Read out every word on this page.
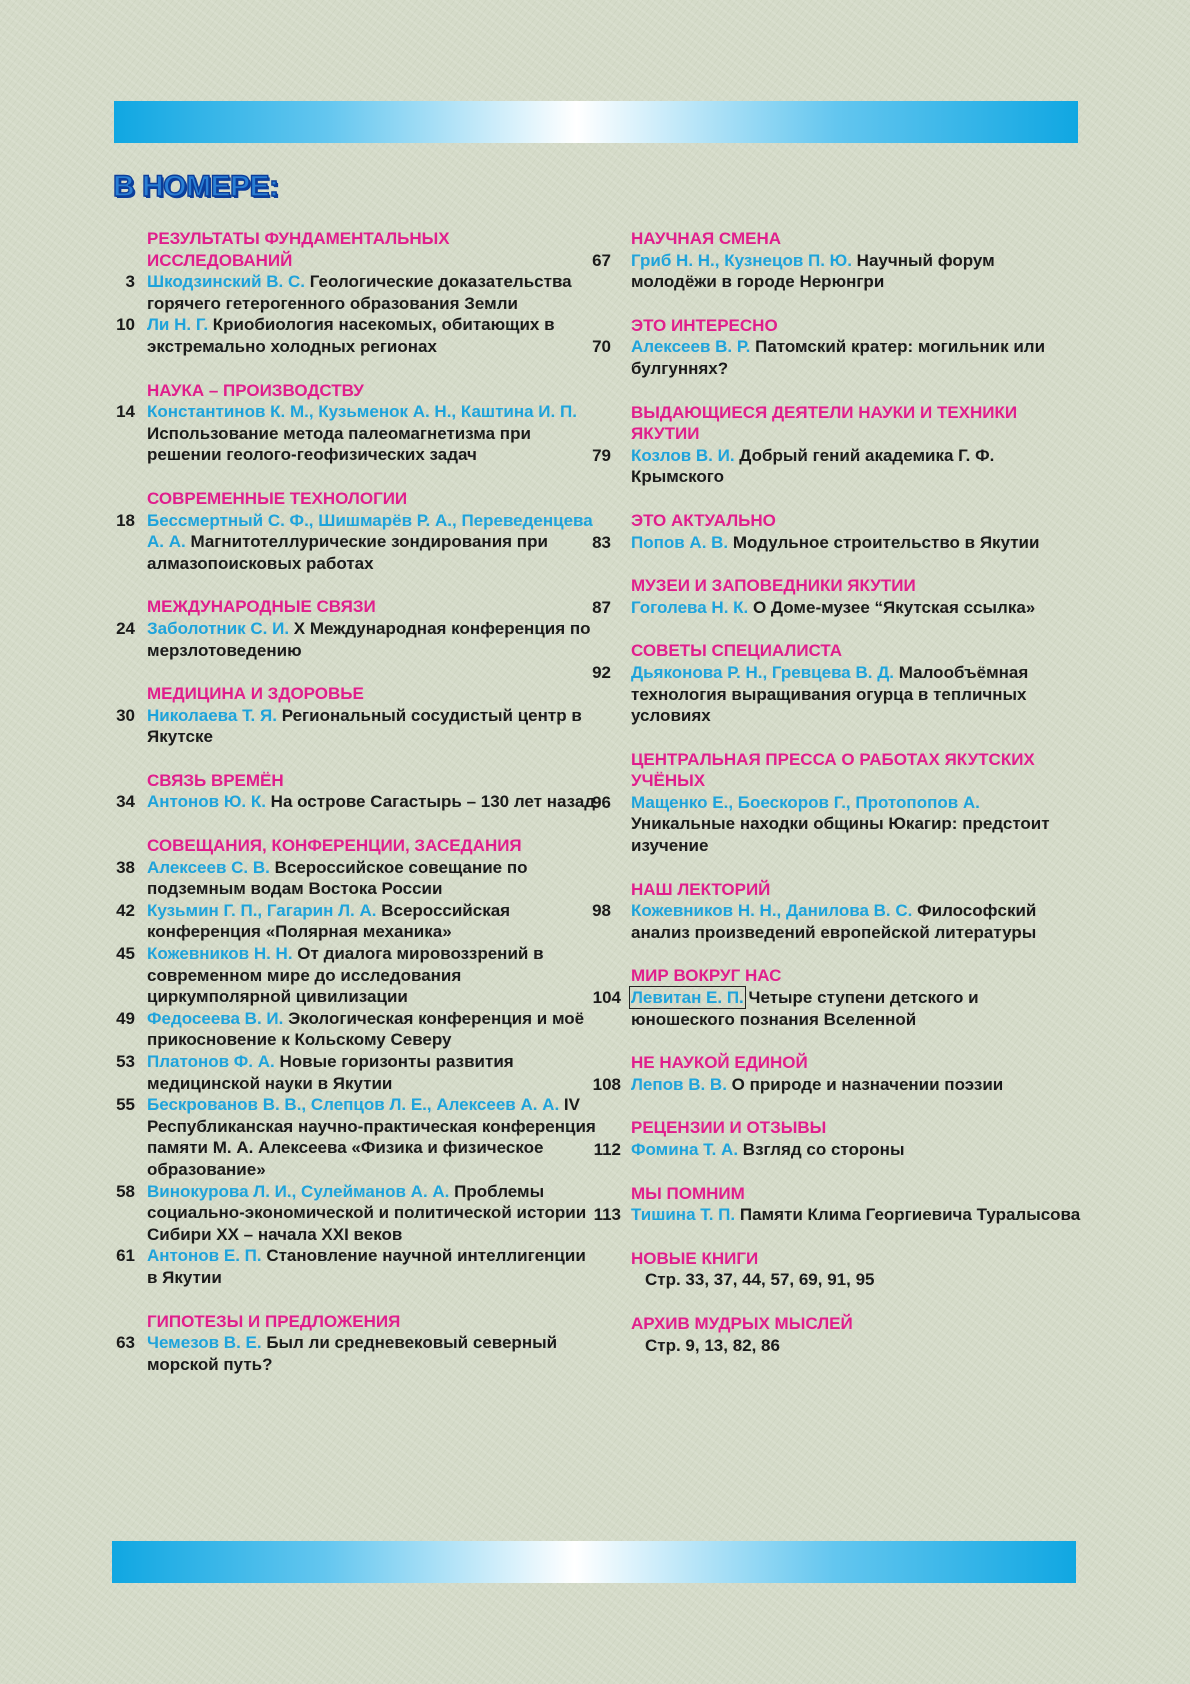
В НОМЕРЕ:
РЕЗУЛЬТАТЫ ФУНДАМЕНТАЛЬНЫХ ИССЛЕДОВАНИЙ
3 Шкодзинский В. С. Геологические доказательства горячего гетерогенного образования Земли
10 Ли Н. Г. Криобиология насекомых, обитающих в экстремально холодных регионах
НАУКА – ПРОИЗВОДСТВУ
14 Константинов К. М., Кузьменок А. Н., Каштина И. П. Использование метода палеомагнетизма при решении геолого-геофизических задач
СОВРЕМЕННЫЕ ТЕХНОЛОГИИ
18 Бессмертный С. Ф., Шишмарёв Р. А., Переведенцева А. А. Магнитотеллурические зондирования при алмазопоисковых работах
МЕЖДУНАРОДНЫЕ СВЯЗИ
24 Заболотник С. И. X Международная конференция по мерзлотоведению
МЕДИЦИНА И ЗДОРОВЬЕ
30 Николаева Т. Я. Региональный сосудистый центр в Якутске
СВЯЗЬ ВРЕМЁН
34 Антонов Ю. К. На острове Сагастырь – 130 лет назад
СОВЕЩАНИЯ, КОНФЕРЕНЦИИ, ЗАСЕДАНИЯ
38 Алексеев С. В. Всероссийское совещание по подземным водам Востока России
42 Кузьмин Г. П., Гагарин Л. А. Всероссийская конференция «Полярная механика»
45 Кожевников Н. Н. От диалога мировоззрений в современном мире до исследования циркумполярной цивилизации
49 Федосеева В. И. Экологическая конференция и моё прикосновение к Кольскому Северу
53 Платонов Ф. А. Новые горизонты развития медицинской науки в Якутии
55 Бескрованов В. В., Слепцов Л. Е., Алексеев А. А. IV Республиканская научно-практическая конференция памяти М. А. Алексеева «Физика и физическое образование»
58 Винокурова Л. И., Сулейманов А. А. Проблемы социально-экономической и политической истории Сибири XX – начала XXI веков
61 Антонов Е. П. Становление научной интеллигенции в Якутии
ГИПОТЕЗЫ И ПРЕДЛОЖЕНИЯ
63 Чемезов В. Е. Был ли средневековый северный морской путь?
НАУЧНАЯ СМЕНА
67 Гриб Н. Н., Кузнецов П. Ю. Научный форум молодёжи в городе Нерюнгри
ЭТО ИНТЕРЕСНО
70 Алексеев В. Р. Патомский кратер: могильник или булгуннях?
ВЫДАЮЩИЕСЯ ДЕЯТЕЛИ НАУКИ И ТЕХНИКИ ЯКУТИИ
79 Козлов В. И. Добрый гений академика Г. Ф. Крымского
ЭТО АКТУАЛЬНО
83 Попов А. В. Модульное строительство в Якутии
МУЗЕИ И ЗАПОВЕДНИКИ ЯКУТИИ
87 Гоголева Н. К. О Доме-музее “Якутская ссылка»
СОВЕТЫ СПЕЦИАЛИСТА
92 Дьяконова Р. Н., Гревцева В. Д. Малообъёмная технология выращивания огурца в тепличных условиях
ЦЕНТРАЛЬНАЯ ПРЕССА О РАБОТАХ ЯКУТСКИХ УЧЁНЫХ
96 Мащенко Е., Боескоров Г., Протопопов А.
Уникальные находки общины Юкагир: предстоит изучение
НАШ ЛЕКТОРИЙ
98 Кожевников Н. Н., Данилова В. С. Философский анализ произведений европейской литературы
МИР ВОКРУГ НАС
104 Левитан Е. П. Четыре ступени детского и юношеского познания Вселенной
НЕ НАУКОЙ ЕДИНОЙ
108 Лепов В. В. О природе и назначении поэзии
РЕЦЕНЗИИ И ОТЗЫВЫ
112 Фомина Т. А. Взгляд со стороны
МЫ ПОМНИМ
113 Тишина Т. П. Памяти Клима Георгиевича Туралысова
НОВЫЕ КНИГИ
Стр. 33, 37, 44, 57, 69, 91, 95
АРХИВ МУДРЫХ МЫСЛЕЙ
Стр. 9, 13, 82, 86
